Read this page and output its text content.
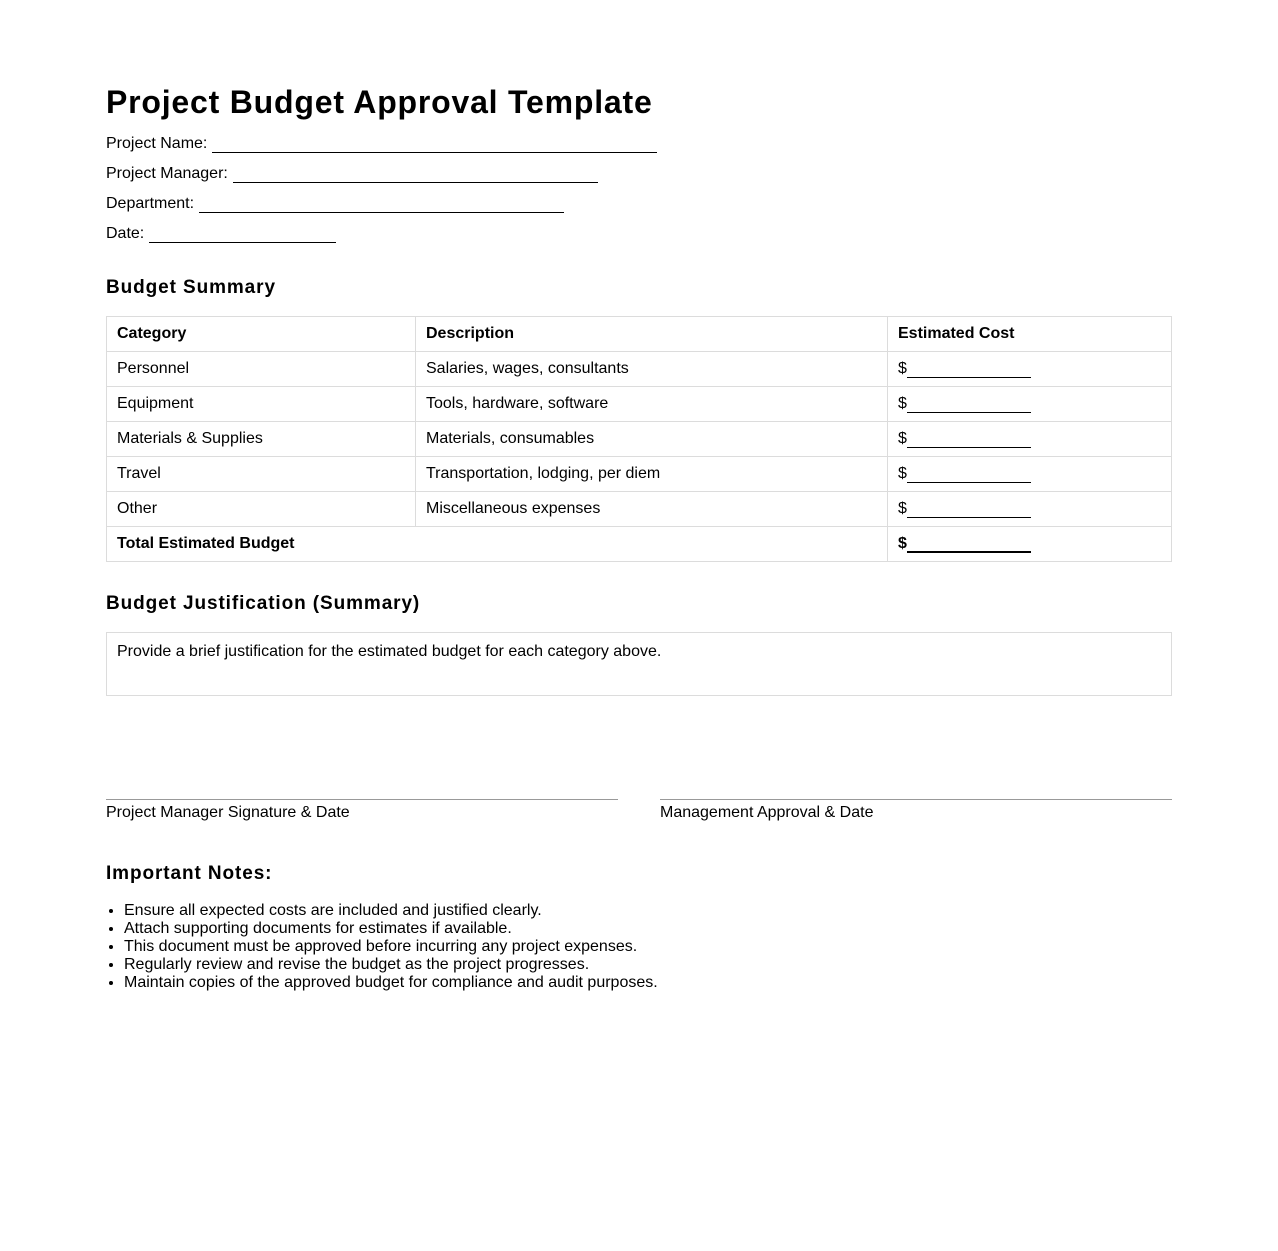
Project Budget Approval Template
Project Name:
Project Manager:
Department:
Date:
Budget Summary
Category	Description	Estimated Cost
Personnel	Salaries, wages, consultants	$
Equipment	Tools, hardware, software	$
Materials & Supplies	Materials, consumables	$
Travel	Transportation, lodging, per diem	$
Other	Miscellaneous expenses	$
Total Estimated Budget		$
Budget Justification (Summary)
Provide a brief justification for the estimated budget for each category above.
Project Manager Signature & Date	Management Approval & Date
Important Notes:
• Ensure all expected costs are included and justified clearly.
• Attach supporting documents for estimates if available.
• This document must be approved before incurring any project expenses.
• Regularly review and revise the budget as the project progresses.
• Maintain copies of the approved budget for compliance and audit purposes.
